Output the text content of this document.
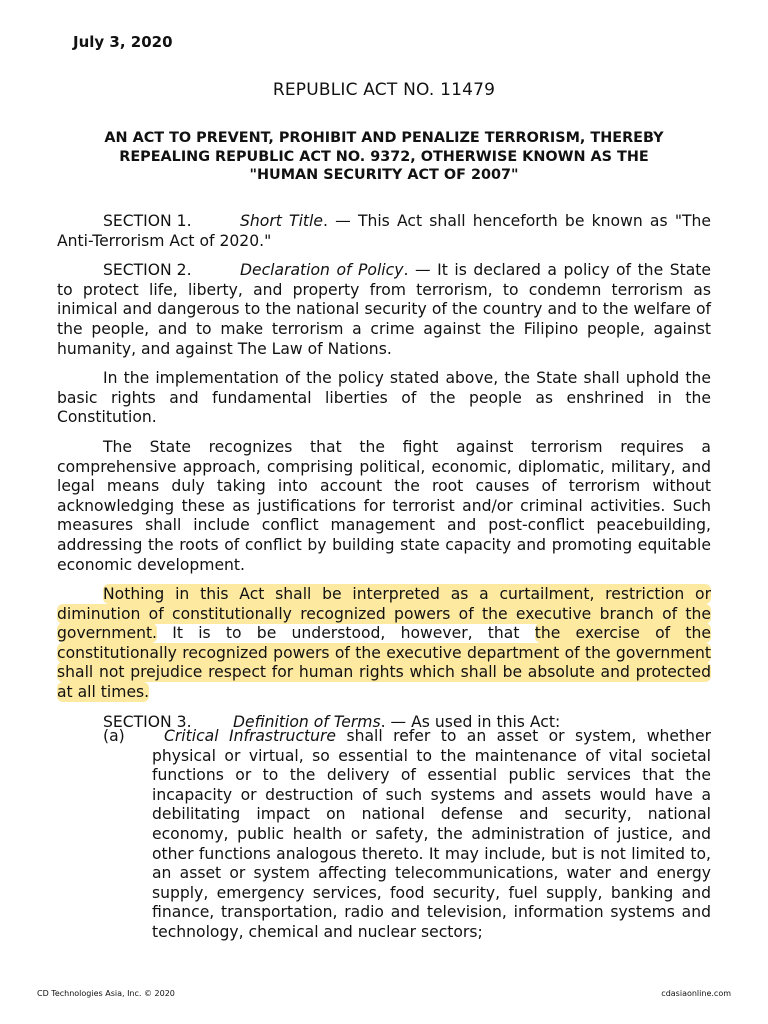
July 3, 2020
REPUBLIC ACT NO. 11479
AN ACT TO PREVENT, PROHIBIT AND PENALIZE TERRORISM, THEREBY
REPEALING REPUBLIC ACT NO. 9372, OTHERWISE KNOWN AS THE
"HUMAN SECURITY ACT OF 2007"

SECTION 1.	Short Title. — This Act shall henceforth be known as "The Anti-Terrorism Act of 2020."

SECTION 2.	Declaration of Policy. — It is declared a policy of the State to protect life, liberty, and property from terrorism, to condemn terrorism as inimical and dangerous to the national security of the country and to the welfare of the people, and to make terrorism a crime against the Filipino people, against humanity, and against The Law of Nations.

In the implementation of the policy stated above, the State shall uphold the basic rights and fundamental liberties of the people as enshrined in the Constitution.

The State recognizes that the fight against terrorism requires a comprehensive approach, comprising political, economic, diplomatic, military, and legal means duly taking into account the root causes of terrorism without acknowledging these as justifications for terrorist and/or criminal activities. Such measures shall include conflict management and post-conflict peacebuilding, addressing the roots of conflict by building state capacity and promoting equitable economic development.

Nothing in this Act shall be interpreted as a curtailment, restriction or diminution of constitutionally recognized powers of the executive branch of the government. It is to be understood, however, that the exercise of the constitutionally recognized powers of the executive department of the government shall not prejudice respect for human rights which shall be absolute and protected at all times.

SECTION 3.	Definition of Terms. — As used in this Act:

(a)	Critical Infrastructure shall refer to an asset or system, whether physical or virtual, so essential to the maintenance of vital societal functions or to the delivery of essential public services that the incapacity or destruction of such systems and assets would have a debilitating impact on national defense and security, national economy, public health or safety, the administration of justice, and other functions analogous thereto. It may include, but is not limited to, an asset or system affecting telecommunications, water and energy supply, emergency services, food security, fuel supply, banking and finance, transportation, radio and television, information systems and technology, chemical and nuclear sectors;
CD Technologies Asia, Inc. © 2020	cdasiaonline.com
